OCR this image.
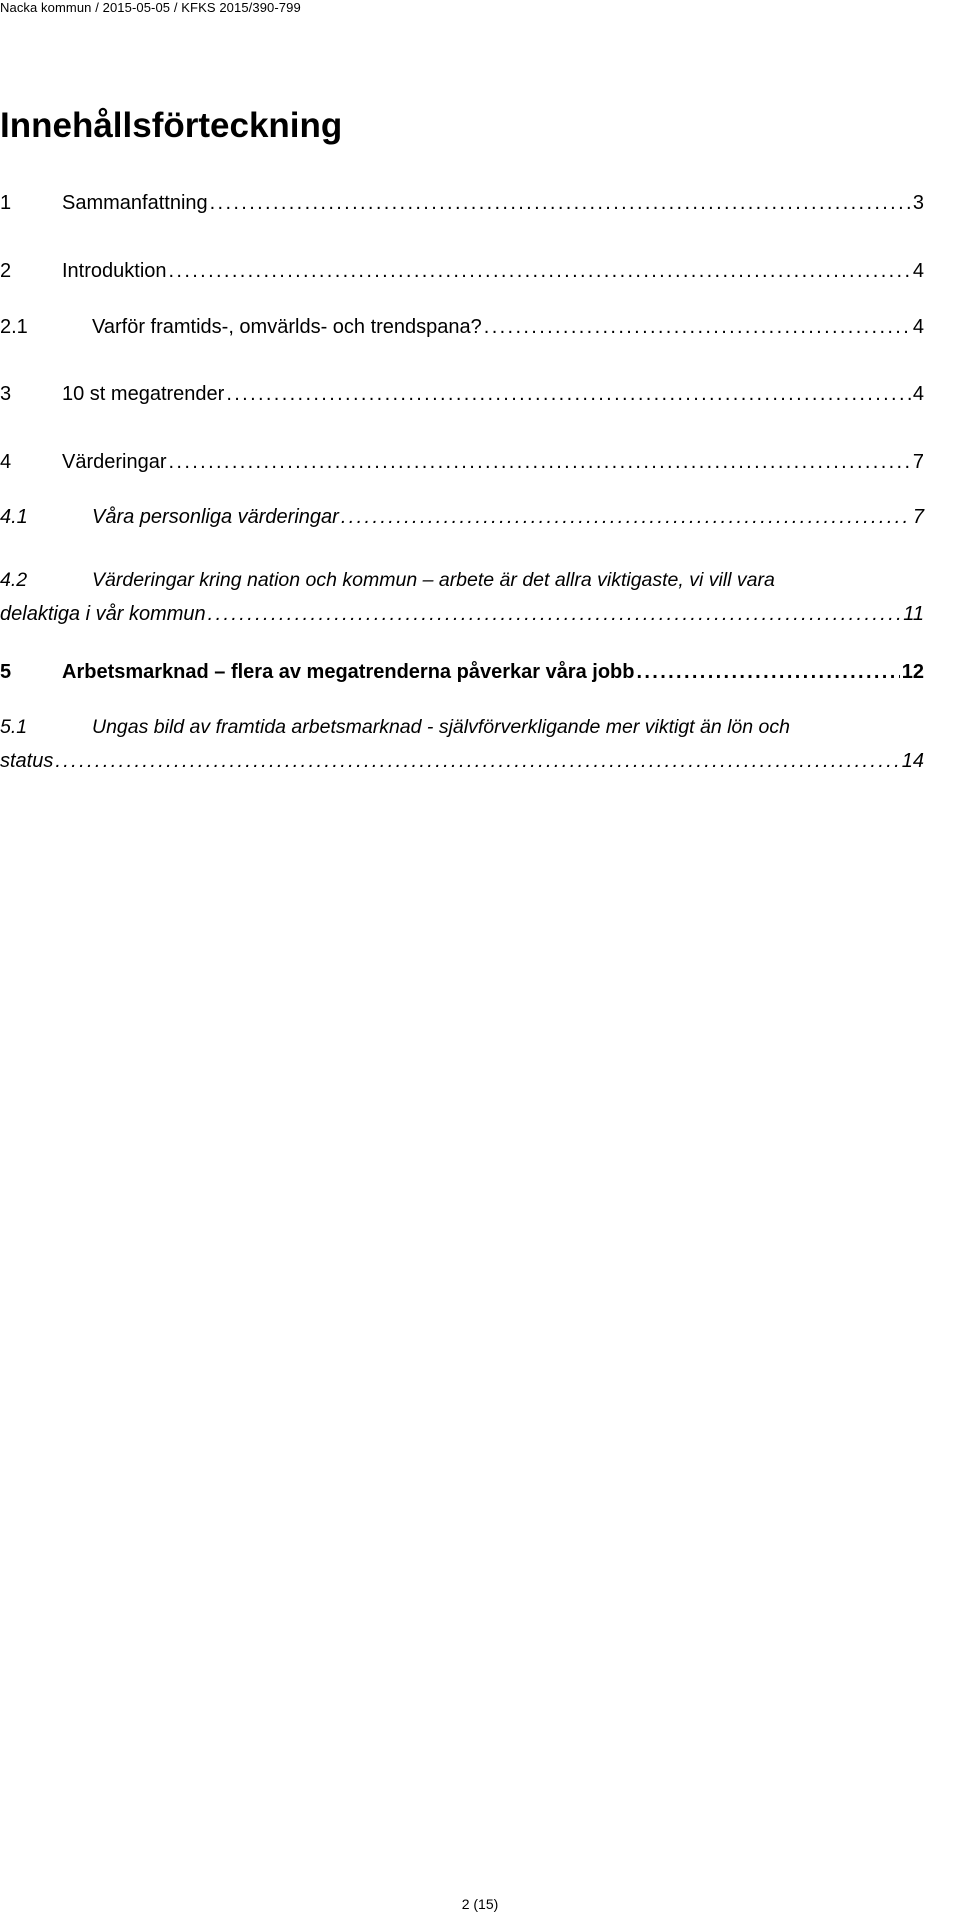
Nacka kommun / 2015-05-05 / KFKS 2015/390-799
Innehållsförteckning
1	Sammanfattning . . .	3
2	Introduktion . . .	4
2.1	Varför framtids-, omvärlds- och trendspana? . . .	4
3	10 st megatrender . . .	4
4	Värderingar . . .	7
4.1	Våra personliga värderingar . . .	7
4.2	Värderingar kring nation och kommun – arbete är det allra viktigaste, vi vill vara
delaktiga i vår kommun . . .	11
5	Arbetsmarknad – flera av megatrenderna påverkar våra jobb . . .	12
5.1	Ungas bild av framtida arbetsmarknad - självförverkligande mer viktigt än lön och
status . . .	14
2 (15)
